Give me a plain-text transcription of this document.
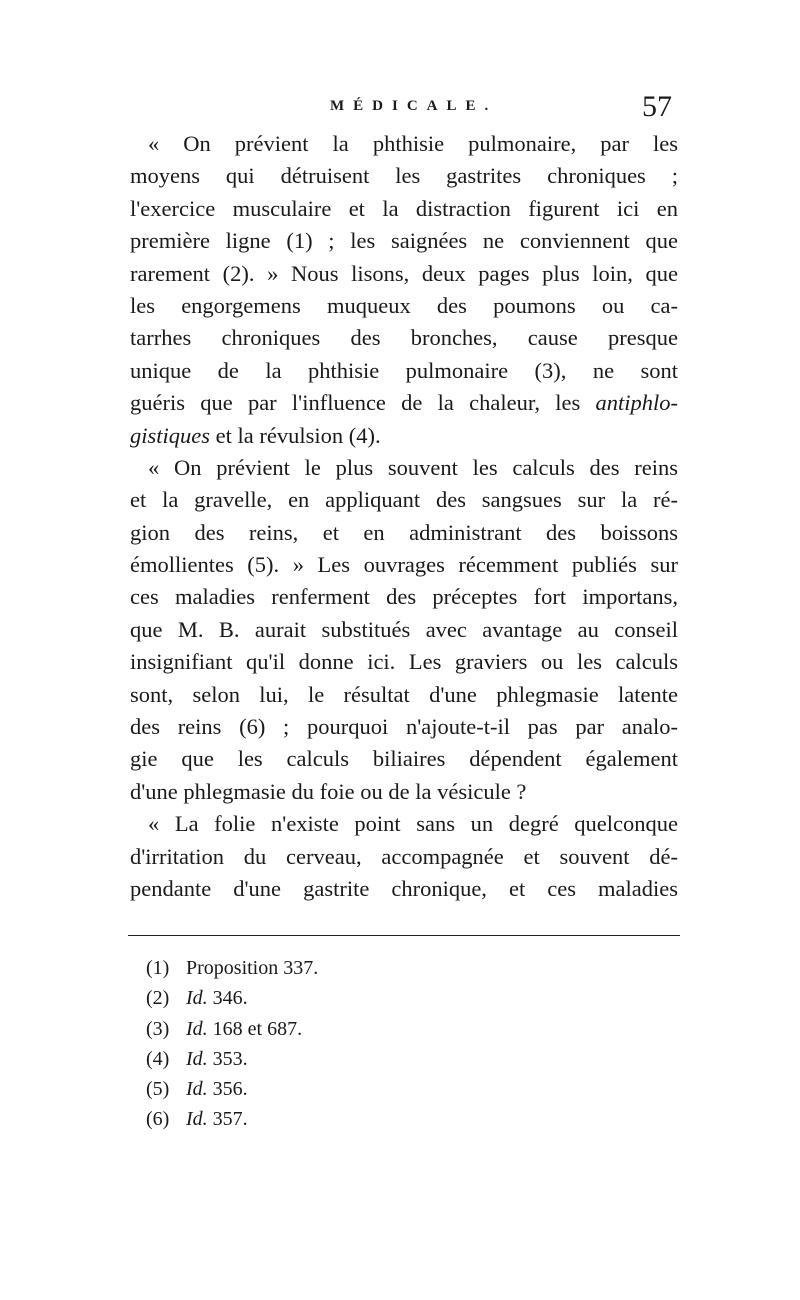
MÉDICALE.	57
« On prévient la phthisie pulmonaire, par les
moyens qui détruisent les gastrites chroniques ;
l'exercice musculaire et la distraction figurent ici en
première ligne (1) ; les saignées ne conviennent que
rarement (2). » Nous lisons, deux pages plus loin, que
les engorgemens muqueux des poumons ou ca-
tarrhes chroniques des bronches, cause presque
unique de la phthisie pulmonaire (3), ne sont
guéris que par l'influence de la chaleur, les antiphlo-
gistiques et la révulsion (4).
« On prévient le plus souvent les calculs des reins
et la gravelle, en appliquant des sangsues sur la ré-
gion des reins, et en administrant des boissons
émollientes (5). » Les ouvrages récemment publiés sur
ces maladies renferment des préceptes fort importans,
que M. B. aurait substitués avec avantage au conseil
insignifiant qu'il donne ici. Les graviers ou les calculs
sont, selon lui, le résultat d'une phlegmasie latente
des reins (6) ; pourquoi n'ajoute-t-il pas par analo-
gie que les calculs biliaires dépendent également
d'une phlegmasie du foie ou de la vésicule ?
« La folie n'existe point sans un degré quelconque
d'irritation du cerveau, accompagnée et souvent dé-
pendante d'une gastrite chronique, et ces maladies
(1) Proposition 337.
(2) Id. 346.
(3) Id. 168 et 687.
(4) Id. 353.
(5) Id. 356.
(6) Id. 357.
